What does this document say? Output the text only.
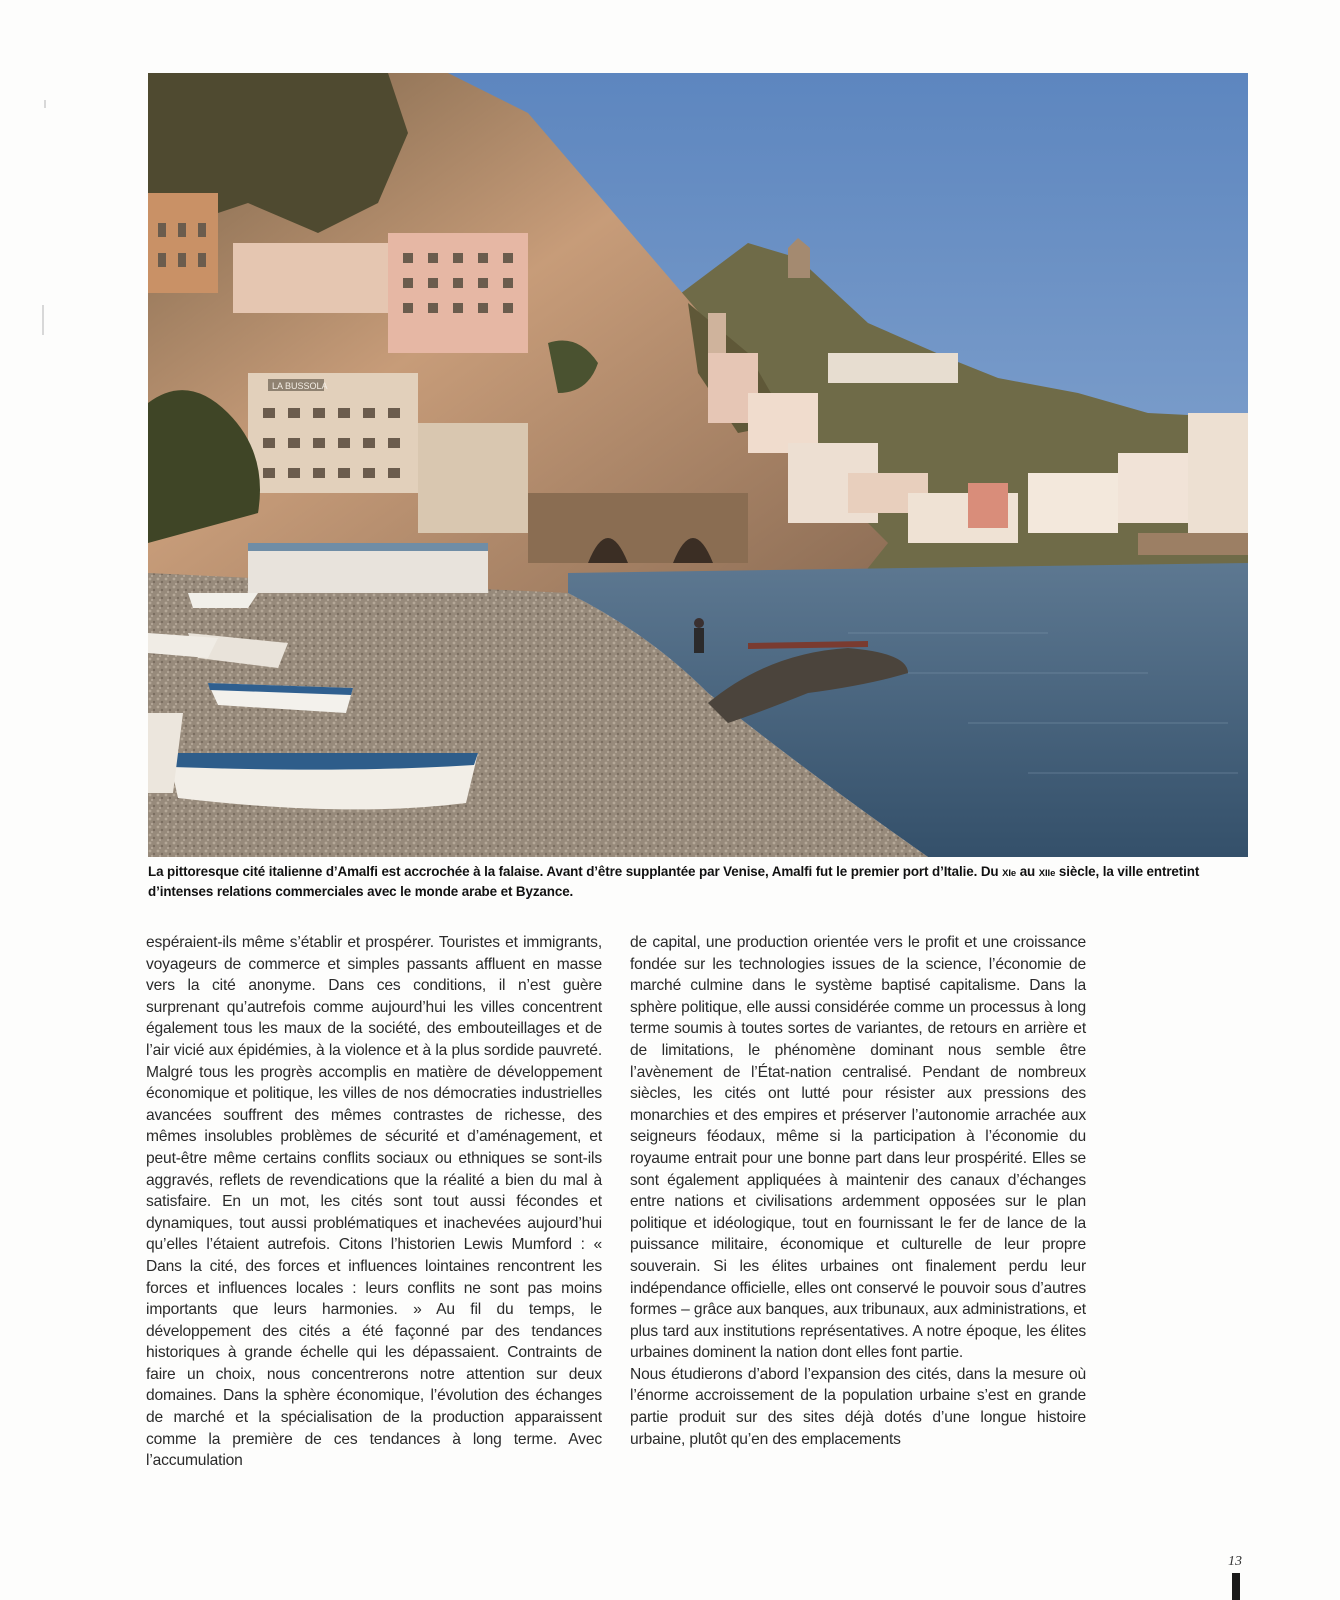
LA BUSSOLA
La pittoresque cité italienne d’Amalfi est accrochée à la falaise. Avant d’être supplantée par Venise, Amalfi fut le premier port d’Italie. Du XIe au XIIe siècle, la ville entretint d’intenses relations commerciales avec le monde arabe et Byzance.

espéraient-ils même s’établir et prospérer. Touristes et immigrants, voyageurs de commerce et simples passants affluent en masse vers la cité anonyme. Dans ces conditions, il n’est guère surprenant qu’autrefois comme aujourd’hui les villes concentrent également tous les maux de la société, des embouteillages et de l’air vicié aux épidémies, à la violence et à la plus sordide pauvreté. Malgré tous les progrès accomplis en matière de développement économique et politique, les villes de nos démocraties industrielles avancées souffrent des mêmes contrastes de richesse, des mêmes insolubles problèmes de sécurité et d’aménagement, et peut-être même certains conflits sociaux ou ethniques se sont-ils aggravés, reflets de revendications que la réalité a bien du mal à satisfaire. En un mot, les cités sont tout aussi fécondes et dynamiques, tout aussi problématiques et inachevées aujourd’hui qu’elles l’étaient autrefois. Citons l’historien Lewis Mumford : « Dans la cité, des forces et influences lointaines rencontrent les forces et influences locales : leurs conflits ne sont pas moins importants que leurs harmonies. » Au fil du temps, le développement des cités a été façonné par des tendances historiques à grande échelle qui les dépassaient. Contraints de faire un choix, nous concentrerons notre attention sur deux domaines. Dans la sphère économique, l’évolution des échanges de marché et la spécialisation de la production apparaissent comme la première de ces tendances à long terme. Avec l’accumulation

de capital, une production orientée vers le profit et une croissance fondée sur les technologies issues de la science, l’économie de marché culmine dans le système baptisé capitalisme. Dans la sphère politique, elle aussi considérée comme un processus à long terme soumis à toutes sortes de variantes, de retours en arrière et de limitations, le phénomène dominant nous semble être l’avènement de l’État-nation centralisé. Pendant de nombreux siècles, les cités ont lutté pour résister aux pressions des monarchies et des empires et préserver l’autonomie arrachée aux seigneurs féodaux, même si la participation à l’économie du royaume entrait pour une bonne part dans leur prospérité. Elles se sont également appliquées à maintenir des canaux d’échanges entre nations et civilisations ardemment opposées sur le plan politique et idéologique, tout en fournissant le fer de lance de la puissance militaire, économique et culturelle de leur propre souverain. Si les élites urbaines ont finalement perdu leur indépendance officielle, elles ont conservé le pouvoir sous d’autres formes – grâce aux banques, aux tribunaux, aux administrations, et plus tard aux institutions représentatives. A notre époque, les élites urbaines dominent la nation dont elles font partie.

Nous étudierons d’abord l’expansion des cités, dans la mesure où l’énorme accroissement de la population urbaine s’est en grande partie produit sur des sites déjà dotés d’une longue histoire urbaine, plutôt qu’en des emplacements

13
